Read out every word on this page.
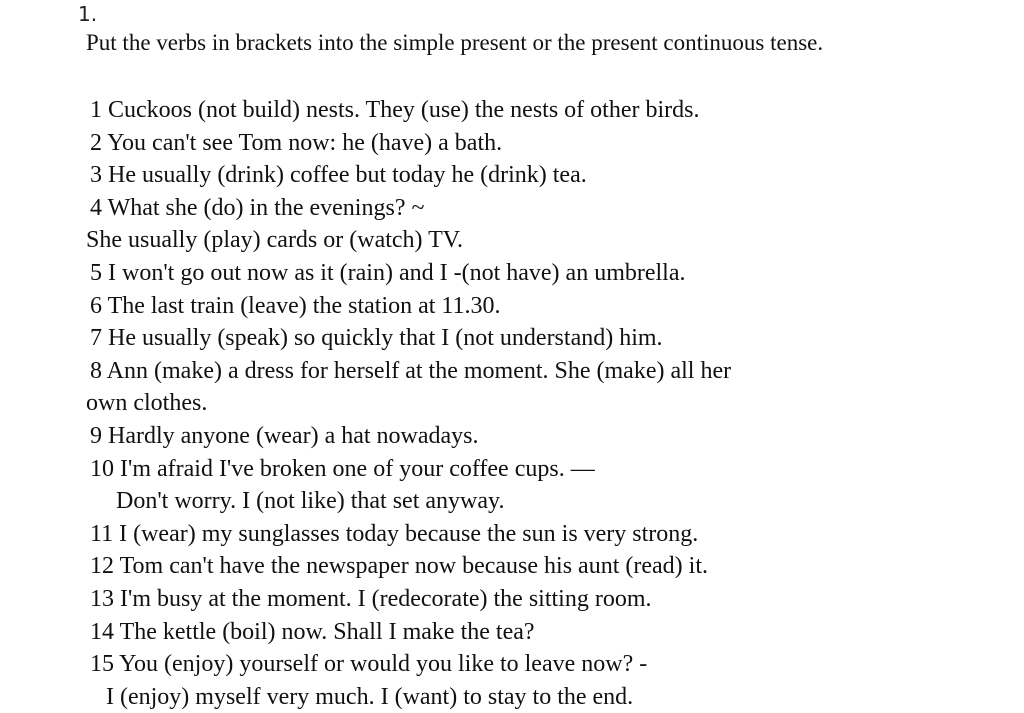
1.
Put the verbs in brackets into the simple present or the present continuous tense.
1 Cuckoos (not build) nests. They (use) the nests of other birds.
2 You can't see Tom now: he (have) a bath.
3 He usually (drink) coffee but today he (drink) tea.
4 What she (do) in the evenings? ~
She usually (play) cards or (watch) TV.
5 I won't go out now as it (rain) and I -(not have) an umbrella.
6 The last train (leave) the station at 11.30.
7 He usually (speak) so quickly that I (not understand) him.
8 Ann (make) a dress for herself at the moment. She (make) all her
own clothes.
9 Hardly anyone (wear) a hat nowadays.
10 I'm afraid I've broken one of your coffee cups. —
Don't worry. I (not like) that set anyway.
11 I (wear) my sunglasses today because the sun is very strong.
12 Tom can't have the newspaper now because his aunt (read) it.
13 I'm busy at the moment. I (redecorate) the sitting room.
14 The kettle (boil) now. Shall I make the tea?
15 You (enjoy) yourself or would you like to leave now? -
I (enjoy) myself very much. I (want) to stay to the end.
